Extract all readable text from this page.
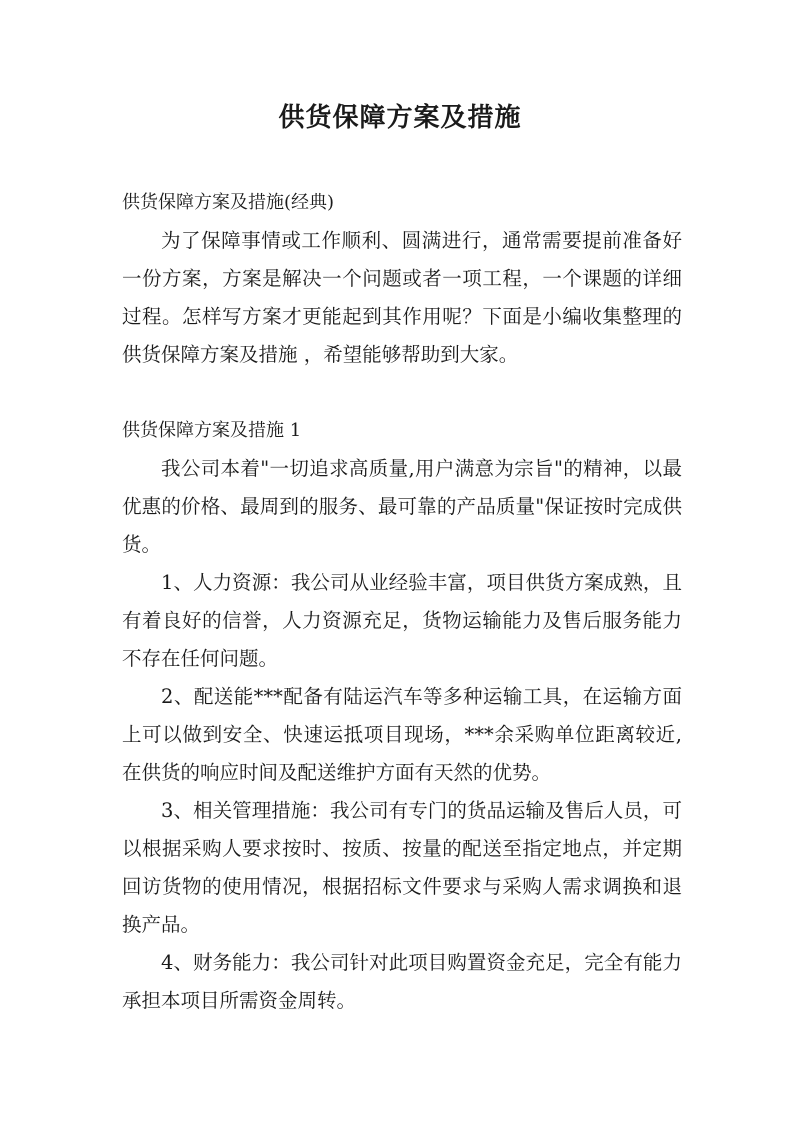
供货保障方案及措施

供货保障方案及措施(经典)

为了保障事情或工作顺利、圆满进行，通常需要提前准备好一份方案，方案是解决一个问题或者一项工程，一个课题的详细过程。怎样写方案才更能起到其作用呢？下面是小编收集整理的供货保障方案及措施 ，希望能够帮助到大家。

供货保障方案及措施 1

我公司本着"一切追求高质量,用户满意为宗旨"的精神，以最优惠的价格、最周到的服务、最可靠的产品质量"保证按时完成供货。

1、人力资源：我公司从业经验丰富，项目供货方案成熟，且有着良好的信誉，人力资源充足，货物运输能力及售后服务能力不存在任何问题。

2、配送能***配备有陆运汽车等多种运输工具，在运输方面上可以做到安全、快速运抵项目现场，***余采购单位距离较近,在供货的响应时间及配送维护方面有天然的优势。

3、相关管理措施：我公司有专门的货品运输及售后人员，可以根据采购人要求按时、按质、按量的配送至指定地点，并定期回访货物的使用情况，根据招标文件要求与采购人需求调换和退换产品。

4、财务能力：我公司针对此项目购置资金充足，完全有能力承担本项目所需资金周转。
